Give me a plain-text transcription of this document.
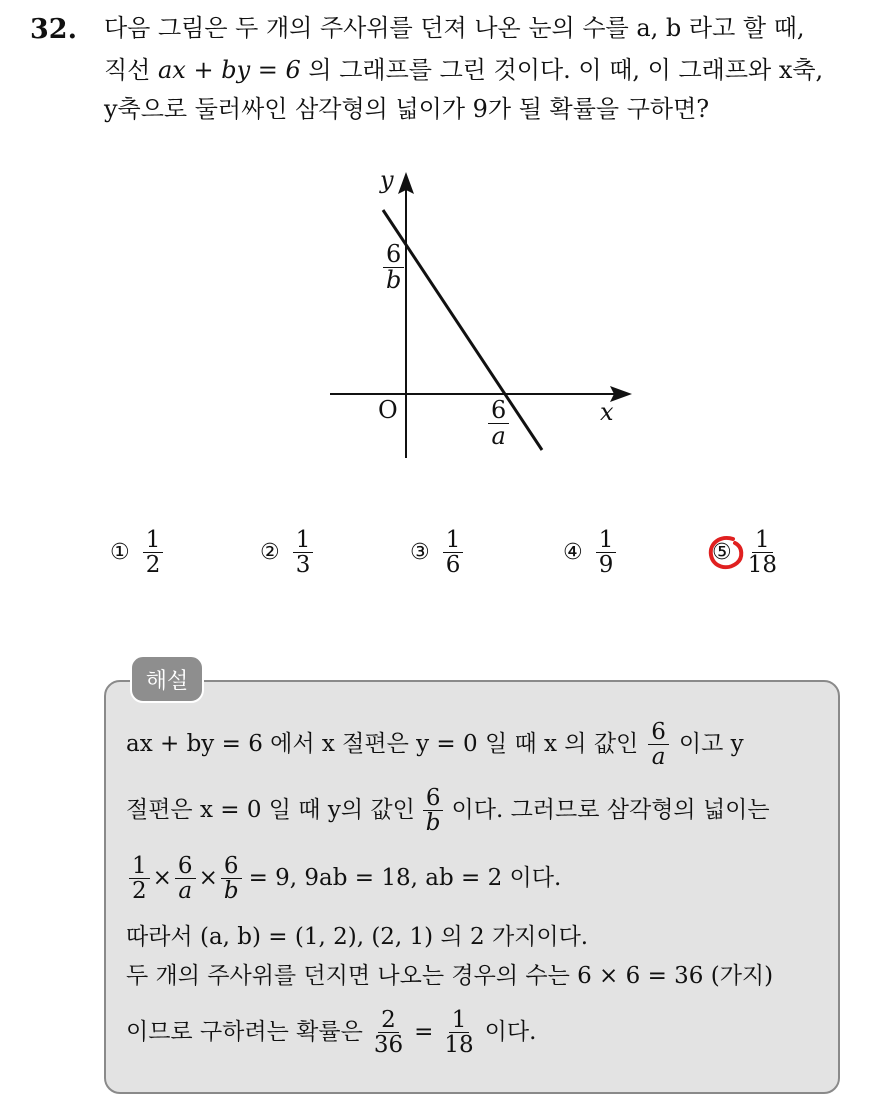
32. 다음 그림은 두 개의 주사위를 던져 나온 눈의 수를 a, b 라고 할 때,
직선 ax + by = 6 의 그래프를 그린 것이다. 이 때, 이 그래프와 x축,
y축으로 둘러싸인 삼각형의 넓이가 9가 될 확률을 구하면?
y
x
O
$\frac{6}{b}$
$\frac{6}{a}$
① $\frac{1}{2}$	② $\frac{1}{3}$	③ $\frac{1}{6}$	④ $\frac{1}{9}$	⑤ $\frac{1}{18}$
해설
ax + by = 6 에서 x 절편은 y = 0 일 때 x 의 값인 $\frac{6}{a}$ 이고 y
절편은 x = 0 일 때 y의 값인 $\frac{6}{b}$ 이다. 그러므로 삼각형의 넓이는
$\frac{1}{2} \times \frac{6}{a} \times \frac{6}{b} = 9$, 9ab = 18, ab = 2 이다.
따라서 (a, b) = (1, 2), (2, 1) 의 2 가지이다.
두 개의 주사위를 던지면 나오는 경우의 수는 6 × 6 = 36 (가지)
이므로 구하려는 확률은 $\frac{2}{36} = \frac{1}{18}$ 이다.
